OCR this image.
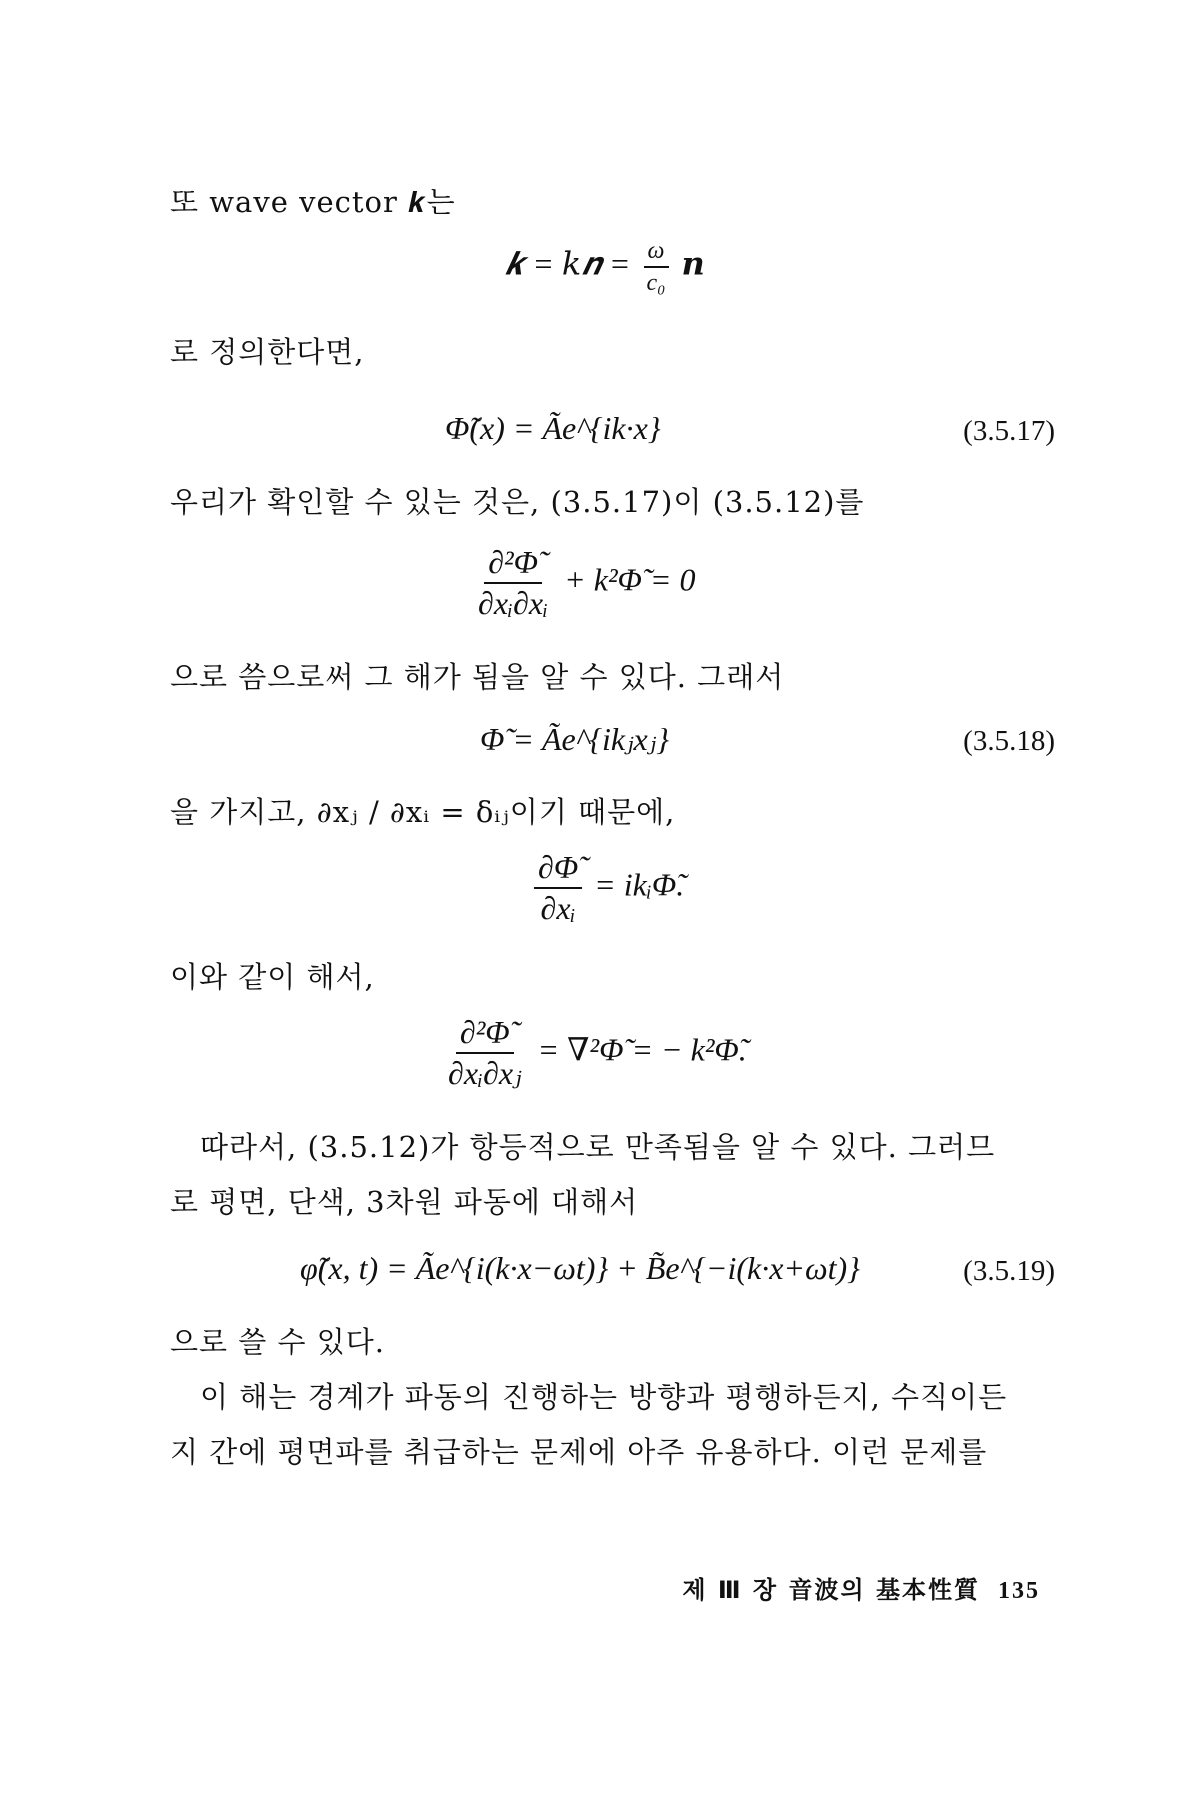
또 wave vector 𝒌는
𝒌 = 𝑘𝒏 = $\frac{\omega}{\text{c₀}}$ 𝒏
로 정의한다면,
Φ̃(x) = Ãe^{ik·x}	(3.5.17)
우리가 확인할 수 있는 것은, (3.5.17)이 (3.5.12)를
$\frac{\text{∂²Φ̃}}{\text{∂xᵢ∂xᵢ}}$ + k²Φ̃ = 0
으로 씀으로써 그 해가 됨을 알 수 있다. 그래서
Φ̃ = Ãe^{ikⱼxⱼ}	(3.5.18)
을 가지고, ∂xⱼ / ∂xᵢ = δᵢⱼ이기 때문에,
$\frac{\partial\Phĩ}{\text{∂xᵢ}}$ = ikᵢΦ̃.
이와 같이 해서,
$\frac{\text{∂²Φ̃}}{\text{∂xᵢ∂xⱼ}}$ = ∇²Φ̃ = − k²Φ̃.
따라서, (3.5.12)가 항등적으로 만족됨을 알 수 있다. 그러므
로 평면, 단색, 3차원 파동에 대해서
φ̃(x, t) = Ãe^{i(k·x−ωt)} + B̃e^{−i(k·x+ωt)}	(3.5.19)
으로 쓸 수 있다.
이 해는 경계가 파동의 진행하는 방향과 평행하든지, 수직이든
지 간에 평면파를 취급하는 문제에 아주 유용하다. 이런 문제를
제 Ⅲ 장 音波의 基本性質 135
